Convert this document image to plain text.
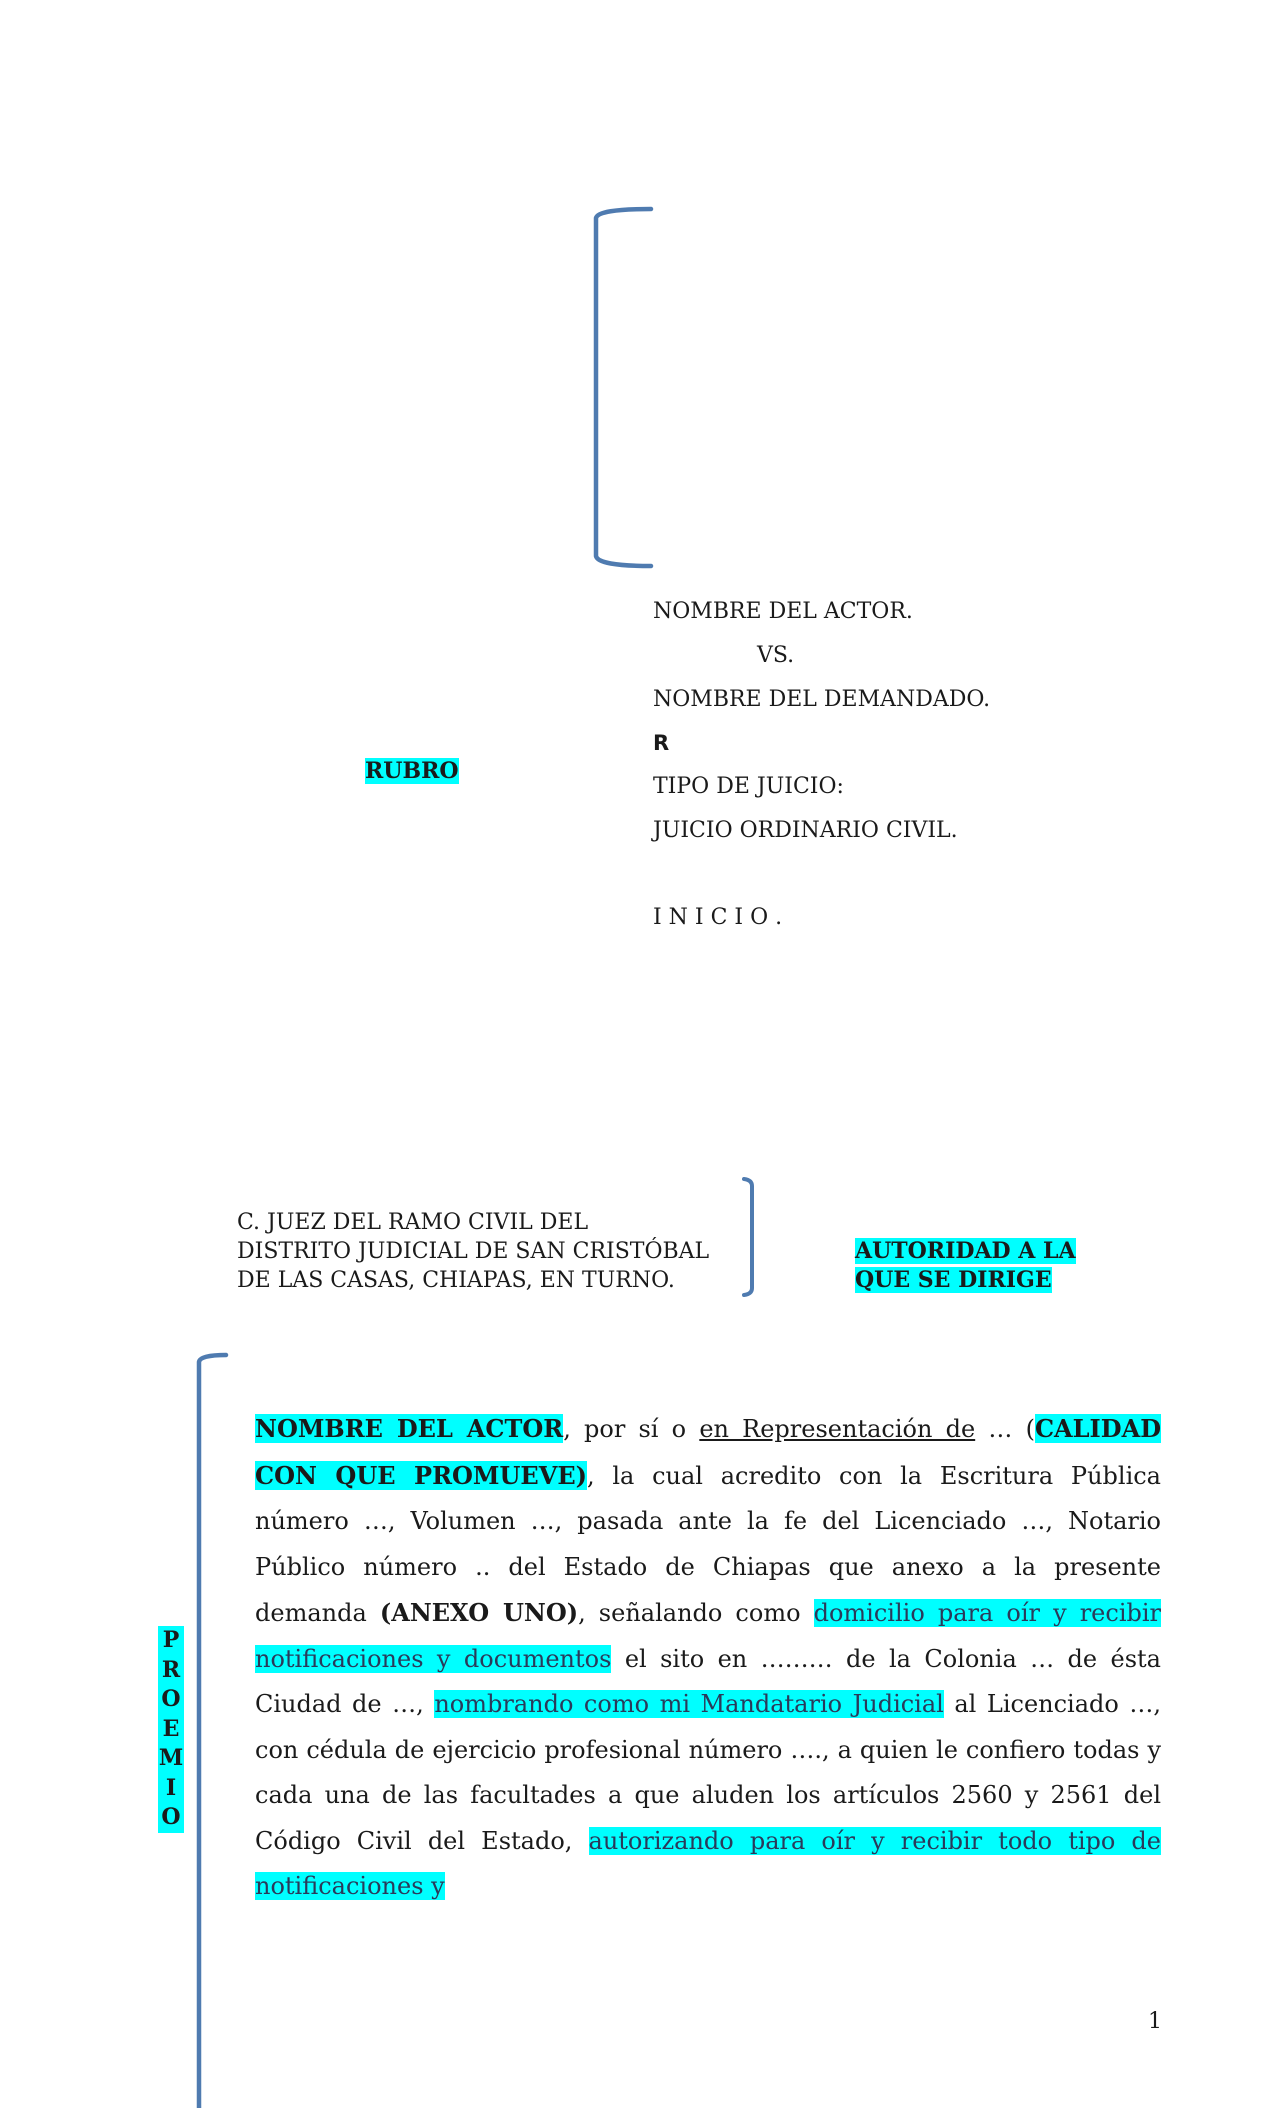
NOMBRE DEL ACTOR.
VS.
NOMBRE DEL DEMANDADO.
R
TIPO DE JUICIO:
JUICIO ORDINARIO CIVIL.
I N I C I O .
RUBRO
C. JUEZ DEL RAMO CIVIL DEL
DISTRITO JUDICIAL DE SAN CRISTÓBAL
DE LAS CASAS, CHIAPAS, EN TURNO.
AUTORIDAD A LA
QUE SE DIRIGE
P
R
O
E
M
I
O

NOMBRE DEL ACTOR, por sí o en Representación de … (CALIDAD CON QUE PROMUEVE), la cual acredito con la Escritura Pública número …, Volumen …, pasada ante la fe del Licenciado …, Notario Público número .. del Estado de Chiapas que anexo a la presente demanda (ANEXO UNO), señalando como domicilio para oír y recibir notificaciones y documentos el sito en ……… de la Colonia … de ésta Ciudad de …, nombrando como mi Mandatario Judicial al Licenciado …, con cédula de ejercicio profesional número …., a quien le confiero todas y cada una de las facultades a que aluden los artículos 2560 y 2561 del Código Civil del Estado, autorizando para oír y recibir todo tipo de notificaciones y

1
